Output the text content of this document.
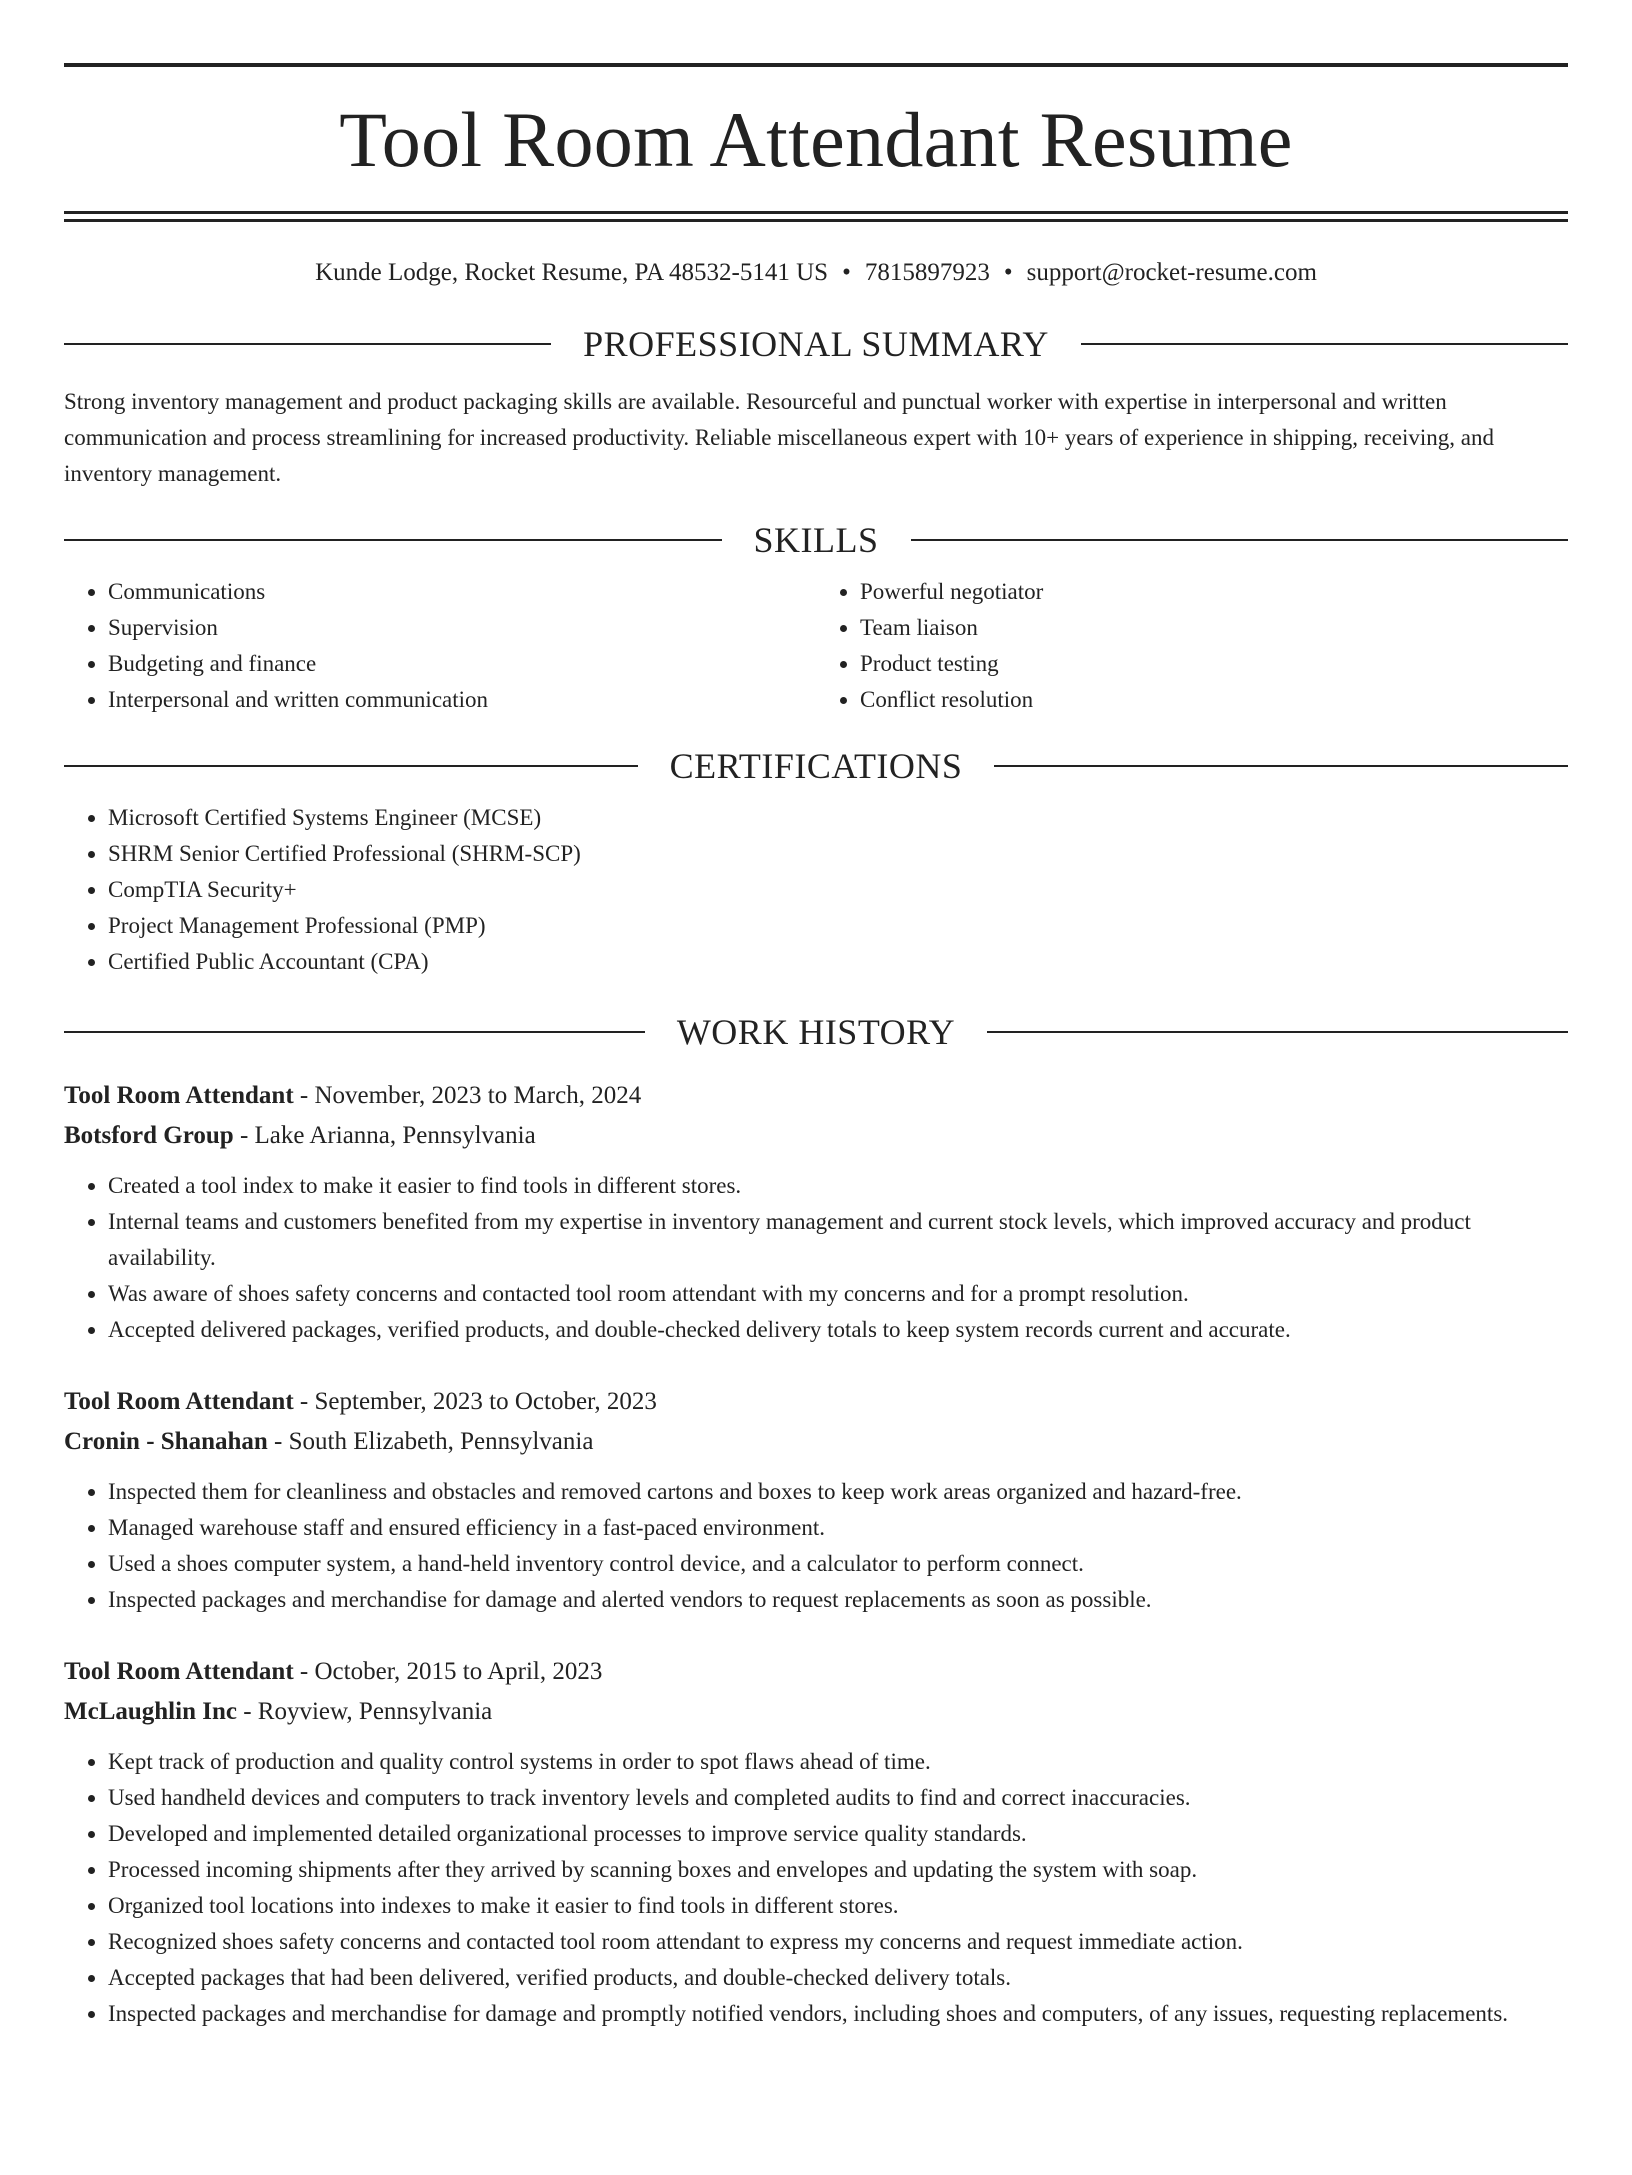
Tool Room Attendant Resume
Kunde Lodge, Rocket Resume, PA 48532-5141 US • 7815897923 • support@rocket-resume.com
PROFESSIONAL SUMMARY

Strong inventory management and product packaging skills are available. Resourceful and punctual worker with expertise in interpersonal and written communication and process streamlining for increased productivity. Reliable miscellaneous expert with 10+ years of experience in shipping, receiving, and inventory management.

SKILLS
• Communications
• Supervision
• Budgeting and finance
• Interpersonal and written communication
• Powerful negotiator
• Team liaison
• Product testing
• Conflict resolution
CERTIFICATIONS
• Microsoft Certified Systems Engineer (MCSE)
• SHRM Senior Certified Professional (SHRM-SCP)
• CompTIA Security+
• Project Management Professional (PMP)
• Certified Public Accountant (CPA)
WORK HISTORY
Tool Room Attendant - November, 2023 to March, 2024
Botsford Group - Lake Arianna, Pennsylvania
• Created a tool index to make it easier to find tools in different stores.
• Internal teams and customers benefited from my expertise in inventory management and current stock levels, which improved accuracy and product availability.
• Was aware of shoes safety concerns and contacted tool room attendant with my concerns and for a prompt resolution.
• Accepted delivered packages, verified products, and double-checked delivery totals to keep system records current and accurate.
Tool Room Attendant - September, 2023 to October, 2023
Cronin - Shanahan - South Elizabeth, Pennsylvania
• Inspected them for cleanliness and obstacles and removed cartons and boxes to keep work areas organized and hazard-free.
• Managed warehouse staff and ensured efficiency in a fast-paced environment.
• Used a shoes computer system, a hand-held inventory control device, and a calculator to perform connect.
• Inspected packages and merchandise for damage and alerted vendors to request replacements as soon as possible.
Tool Room Attendant - October, 2015 to April, 2023
McLaughlin Inc - Royview, Pennsylvania
• Kept track of production and quality control systems in order to spot flaws ahead of time.
• Used handheld devices and computers to track inventory levels and completed audits to find and correct inaccuracies.
• Developed and implemented detailed organizational processes to improve service quality standards.
• Processed incoming shipments after they arrived by scanning boxes and envelopes and updating the system with soap.
• Organized tool locations into indexes to make it easier to find tools in different stores.
• Recognized shoes safety concerns and contacted tool room attendant to express my concerns and request immediate action.
• Accepted packages that had been delivered, verified products, and double-checked delivery totals.
• Inspected packages and merchandise for damage and promptly notified vendors, including shoes and computers, of any issues, requesting replacements.
